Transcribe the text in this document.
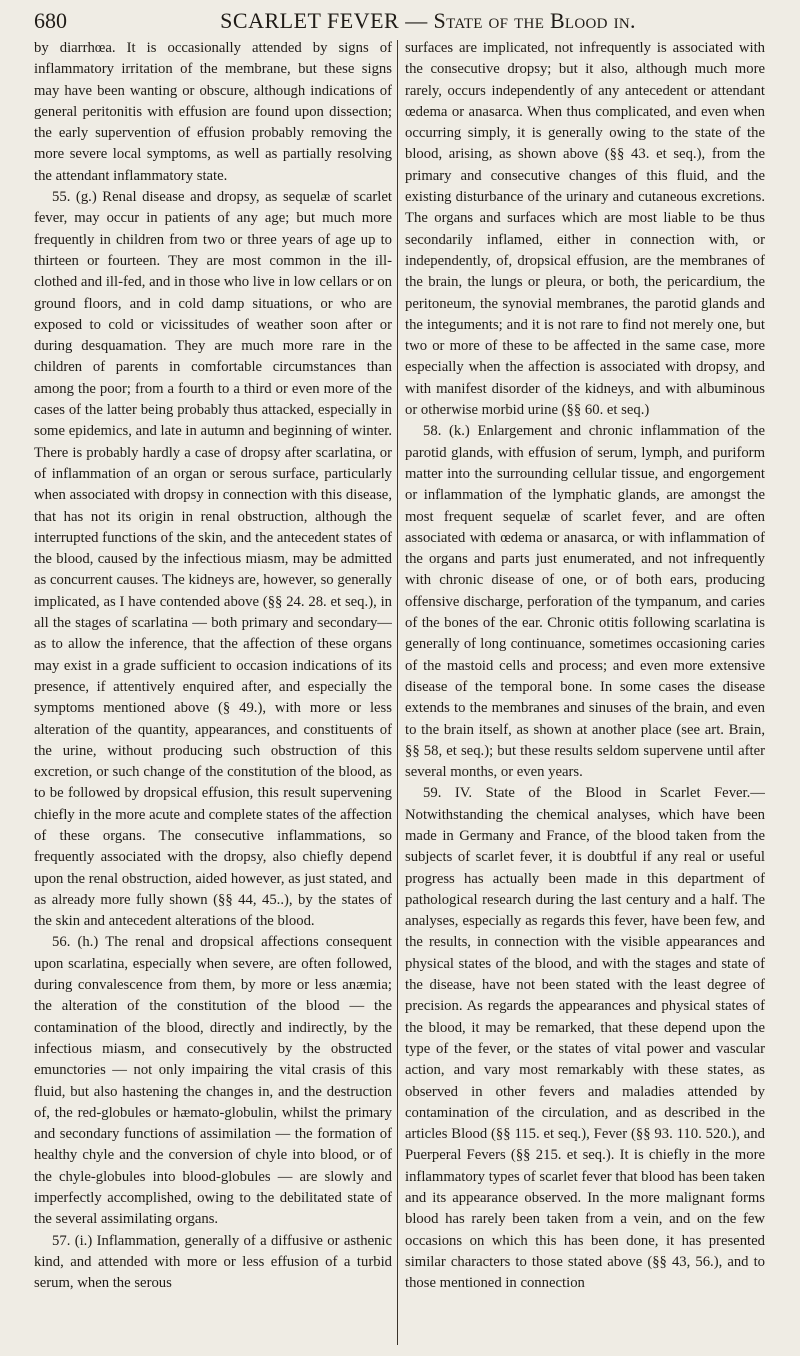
680	SCARLET FEVER — State of the Blood in.

by diarrhœa. It is occasionally attended by signs of inflammatory irritation of the membrane, but these signs may have been wanting or obscure, although indications of general peritonitis with effusion are found upon dissection; the early supervention of effusion probably removing the more severe local symptoms, as well as partially resolving the attendant inflammatory state.

55. (g.) Renal disease and dropsy, as sequelæ of scarlet fever, may occur in patients of any age; but much more frequently in children from two or three years of age up to thirteen or fourteen. They are most common in the ill-clothed and ill-fed, and in those who live in low cellars or on ground floors, and in cold damp situations, or who are exposed to cold or vicissitudes of weather soon after or during desquamation. They are much more rare in the children of parents in comfortable circumstances than among the poor; from a fourth to a third or even more of the cases of the latter being probably thus attacked, especially in some epidemics, and late in autumn and beginning of winter. There is probably hardly a case of dropsy after scarlatina, or of inflammation of an organ or serous surface, particularly when associated with dropsy in connection with this disease, that has not its origin in renal obstruction, although the interrupted functions of the skin, and the antecedent states of the blood, caused by the infectious miasm, may be admitted as concurrent causes. The kidneys are, however, so generally implicated, as I have contended above (§§ 24. 28. et seq.), in all the stages of scarlatina — both primary and secondary—as to allow the inference, that the affection of these organs may exist in a grade sufficient to occasion indications of its presence, if attentively enquired after, and especially the symptoms mentioned above (§ 49.), with more or less alteration of the quantity, appearances, and constituents of the urine, without producing such obstruction of this excretion, or such change of the constitution of the blood, as to be followed by dropsical effusion, this result supervening chiefly in the more acute and complete states of the affection of these organs. The consecutive inflammations, so frequently associated with the dropsy, also chiefly depend upon the renal obstruction, aided however, as just stated, and as already more fully shown (§§ 44, 45..), by the states of the skin and antecedent alterations of the blood.

56. (h.) The renal and dropsical affections consequent upon scarlatina, especially when severe, are often followed, during convalescence from them, by more or less anæmia; the alteration of the constitution of the blood — the contamination of the blood, directly and indirectly, by the infectious miasm, and consecutively by the obstructed emunctories — not only impairing the vital crasis of this fluid, but also hastening the changes in, and the destruction of, the red-globules or hæmato-globulin, whilst the primary and secondary functions of assimilation — the formation of healthy chyle and the conversion of chyle into blood, or of the chyle-globules into blood-globules — are slowly and imperfectly accomplished, owing to the debilitated state of the several assimilating organs.

57. (i.) Inflammation, generally of a diffusive or asthenic kind, and attended with more or less effusion of a turbid serum, when the serous

surfaces are implicated, not infrequently is associated with the consecutive dropsy; but it also, although much more rarely, occurs independently of any antecedent or attendant œdema or anasarca. When thus complicated, and even when occurring simply, it is generally owing to the state of the blood, arising, as shown above (§§ 43. et seq.), from the primary and consecutive changes of this fluid, and the existing disturbance of the urinary and cutaneous excretions. The organs and surfaces which are most liable to be thus secondarily inflamed, either in connection with, or independently, of, dropsical effusion, are the membranes of the brain, the lungs or pleura, or both, the pericardium, the peritoneum, the synovial membranes, the parotid glands and the integuments; and it is not rare to find not merely one, but two or more of these to be affected in the same case, more especially when the affection is associated with dropsy, and with manifest disorder of the kidneys, and with albuminous or otherwise morbid urine (§§ 60. et seq.)

58. (k.) Enlargement and chronic inflammation of the parotid glands, with effusion of serum, lymph, and puriform matter into the surrounding cellular tissue, and engorgement or inflammation of the lymphatic glands, are amongst the most frequent sequelæ of scarlet fever, and are often associated with œdema or anasarca, or with inflammation of the organs and parts just enumerated, and not infrequently with chronic disease of one, or of both ears, producing offensive discharge, perforation of the tympanum, and caries of the bones of the ear. Chronic otitis following scarlatina is generally of long continuance, sometimes occasioning caries of the mastoid cells and process; and even more extensive disease of the temporal bone. In some cases the disease extends to the membranes and sinuses of the brain, and even to the brain itself, as shown at another place (see art. Brain, §§ 58, et seq.); but these results seldom supervene until after several months, or even years.

59. IV. State of the Blood in Scarlet Fever.—Notwithstanding the chemical analyses, which have been made in Germany and France, of the blood taken from the subjects of scarlet fever, it is doubtful if any real or useful progress has actually been made in this department of pathological research during the last century and a half. The analyses, especially as regards this fever, have been few, and the results, in connection with the visible appearances and physical states of the blood, and with the stages and state of the disease, have not been stated with the least degree of precision. As regards the appearances and physical states of the blood, it may be remarked, that these depend upon the type of the fever, or the states of vital power and vascular action, and vary most remarkably with these states, as observed in other fevers and maladies attended by contamination of the circulation, and as described in the articles Blood (§§ 115. et seq.), Fever (§§ 93. 110. 520.), and Puerperal Fevers (§§ 215. et seq.). It is chiefly in the more inflammatory types of scarlet fever that blood has been taken and its appearance observed. In the more malignant forms blood has rarely been taken from a vein, and on the few occasions on which this has been done, it has presented similar characters to those stated above (§§ 43, 56.), and to those mentioned in connection
